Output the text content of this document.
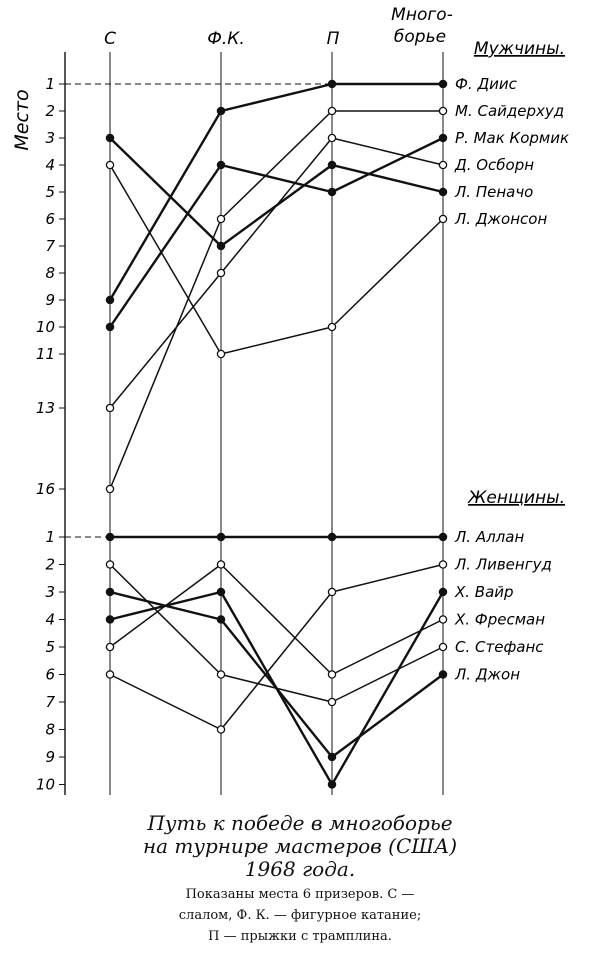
Место
С	Ф.К.	П
Много-
борье
Мужчины.
1
2
3
4
5
6
7
8
9
10
11
13
16
Ф. Диис
М. Сайдерхуд
Р. Мак Кормик
Д. Осборн
Л. Пеначо
Л. Джонсон
Женщины.
1
2
3
4
5
6
7
8
9
10
Л. Аллан
Л. Ливенгуд
Х. Вайр
Х. Фресман
С. Стефанс
Л. Джон
Путь к победе в многоборье
на турнире мастеров (США)
1968 года.
Показаны места 6 призеров. С —
слалом, Ф. К. — фигурное катание;
П — прыжки с трамплина.
